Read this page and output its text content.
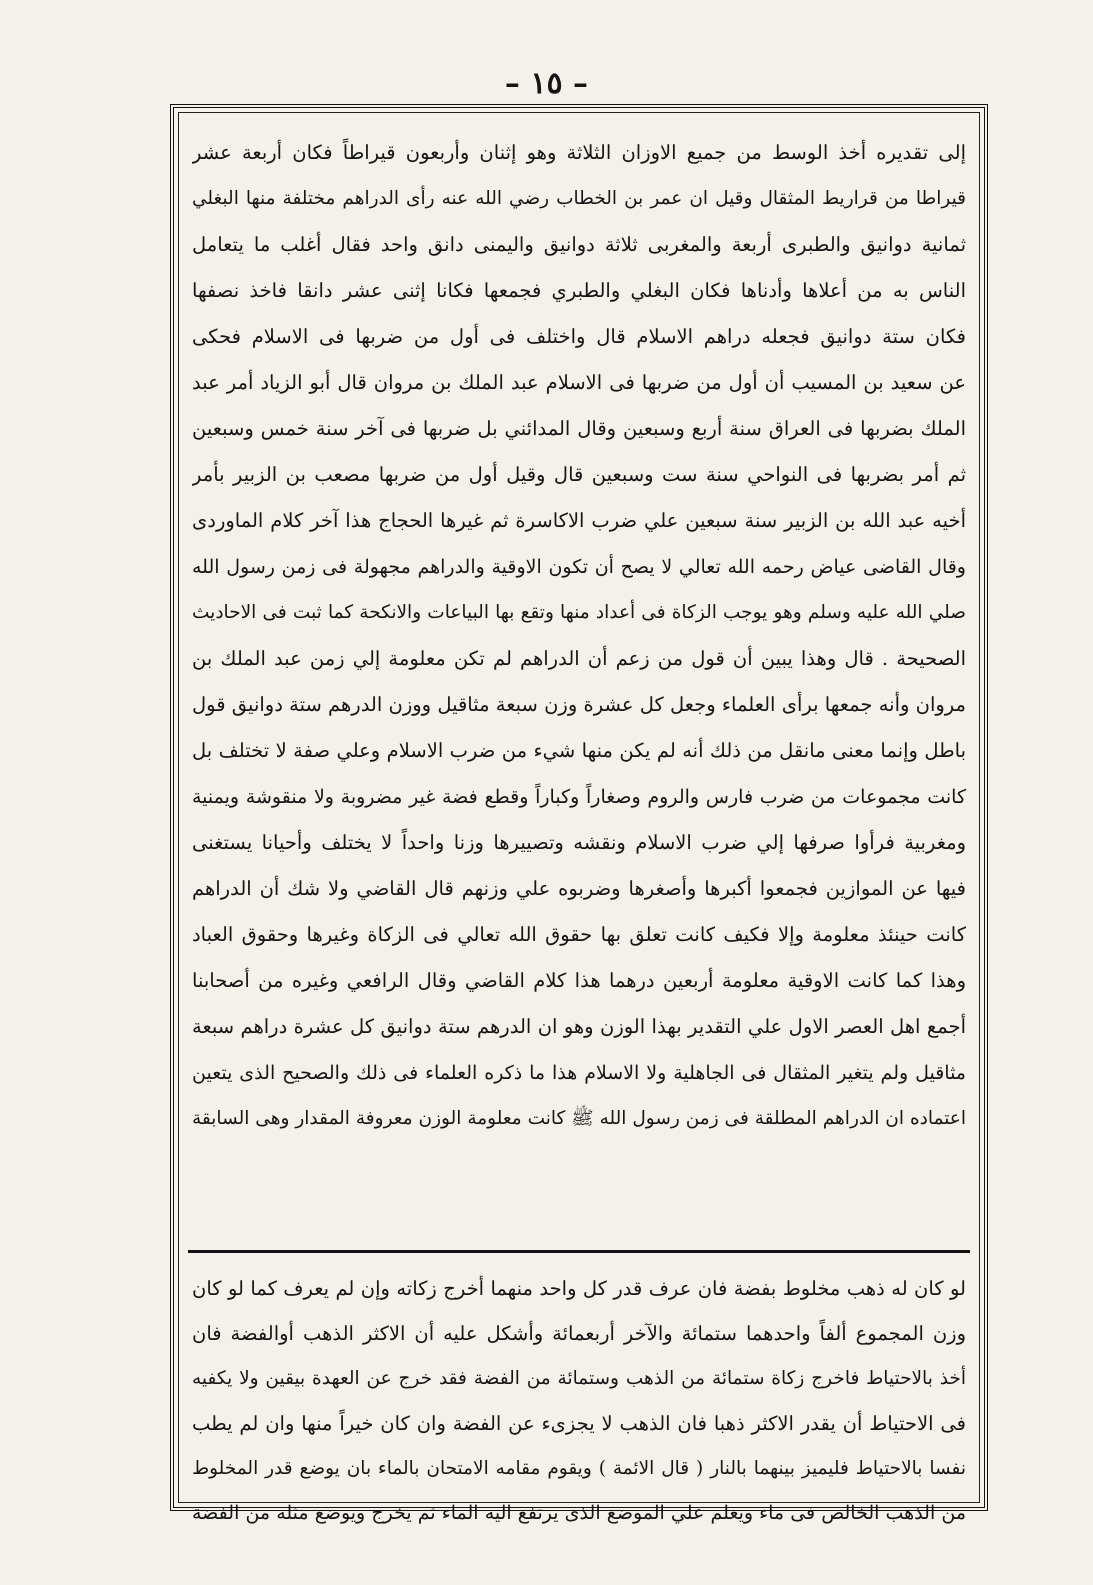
– ١٥ –
إلى تقديره أخذ الوسط من جميع الاوزان الثلاثة وهو إثنان وأربعون قيراطاً فكان أربعة عشر
قيراطا من قراريط المثقال وقيل ان عمر بن الخطاب رضي الله عنه رأى الدراهم مختلفة منها البغلي
ثمانية دوانيق والطبرى أربعة والمغربى ثلاثة دوانيق واليمنى دانق واحد فقال أغلب ما يتعامل
الناس به من أعلاها وأدناها فكان البغلي والطبري فجمعها فكانا إثنى عشر دانقا فاخذ نصفها
فكان ستة دوانيق فجعله دراهم الاسلام قال واختلف فى أول من ضربها فى الاسلام فحكى
عن سعيد بن المسيب أن أول من ضربها فى الاسلام عبد الملك بن مروان قال أبو الزياد أمر عبد
الملك بضربها فى العراق سنة أربع وسبعين وقال المدائني بل ضربها فى آخر سنة خمس وسبعين
ثم أمر بضربها فى النواحي سنة ست وسبعين قال وقيل أول من ضربها مصعب بن الزبير بأمر
أخيه عبد الله بن الزبير سنة سبعين علي ضرب الاكاسرة ثم غيرها الحجاج هذا آخر كلام الماوردى
وقال القاضى عياض رحمه الله تعالي لا يصح أن تكون الاوقية والدراهم مجهولة فى زمن رسول الله
صلي الله عليه وسلم وهو يوجب الزكاة فى أعداد منها وتقع بها البياعات والانكحة كما ثبت فى الاحاديث
الصحيحة . قال وهذا يبين أن قول من زعم أن الدراهم لم تكن معلومة إلي زمن عبد الملك بن
مروان وأنه جمعها برأى العلماء وجعل كل عشرة وزن سبعة مثاقيل ووزن الدرهم ستة دوانيق قول
باطل وإنما معنى مانقل من ذلك أنه لم يكن منها شيء من ضرب الاسلام وعلي صفة لا تختلف بل
كانت مجموعات من ضرب فارس والروم وصغاراً وكباراً وقطع فضة غير مضروبة ولا منقوشة ويمنية
ومغربية فرأوا صرفها إلي ضرب الاسلام ونقشه وتصييرها وزنا واحداً لا يختلف وأحيانا يستغنى
فيها عن الموازين فجمعوا أكبرها وأصغرها وضربوه علي وزنهم قال القاضي ولا شك أن الدراهم
كانت حينئذ معلومة وإلا فكيف كانت تعلق بها حقوق الله تعالي فى الزكاة وغيرها وحقوق العباد
وهذا كما كانت الاوقية معلومة أربعين درهما هذا كلام القاضي وقال الرافعي وغيره من أصحابنا
أجمع اهل العصر الاول علي التقدير بهذا الوزن وهو ان الدرهم ستة دوانيق كل عشرة دراهم سبعة
مثاقيل ولم يتغير المثقال فى الجاهلية ولا الاسلام هذا ما ذكره العلماء فى ذلك والصحيح الذى يتعين
اعتماده ان الدراهم المطلقة فى زمن رسول الله ﷺ كانت معلومة الوزن معروفة المقدار وهى السابقة
لو كان له ذهب مخلوط بفضة فان عرف قدر كل واحد منهما أخرج زكاته وإن لم يعرف كما لو كان
وزن المجموع ألفاً واحدهما ستمائة والآخر أربعمائة وأشكل عليه أن الاكثر الذهب أوالفضة فان
أخذ بالاحتياط فاخرج زكاة ستمائة من الذهب وستمائة من الفضة فقد خرج عن العهدة بيقين ولا يكفيه
فى الاحتياط أن يقدر الاكثر ذهبا فان الذهب لا يجزىء عن الفضة وان كان خيراً منها وان لم يطب
نفسا بالاحتياط فليميز بينهما بالنار ( قال الائمة ) ويقوم مقامه الامتحان بالماء بان يوضع قدر المخلوط
من الذهب الخالص فى ماء ويعلم علي الموضع الذى يرتفع اليه الماء ثم يخرج ويوضع مثله من الفضة
